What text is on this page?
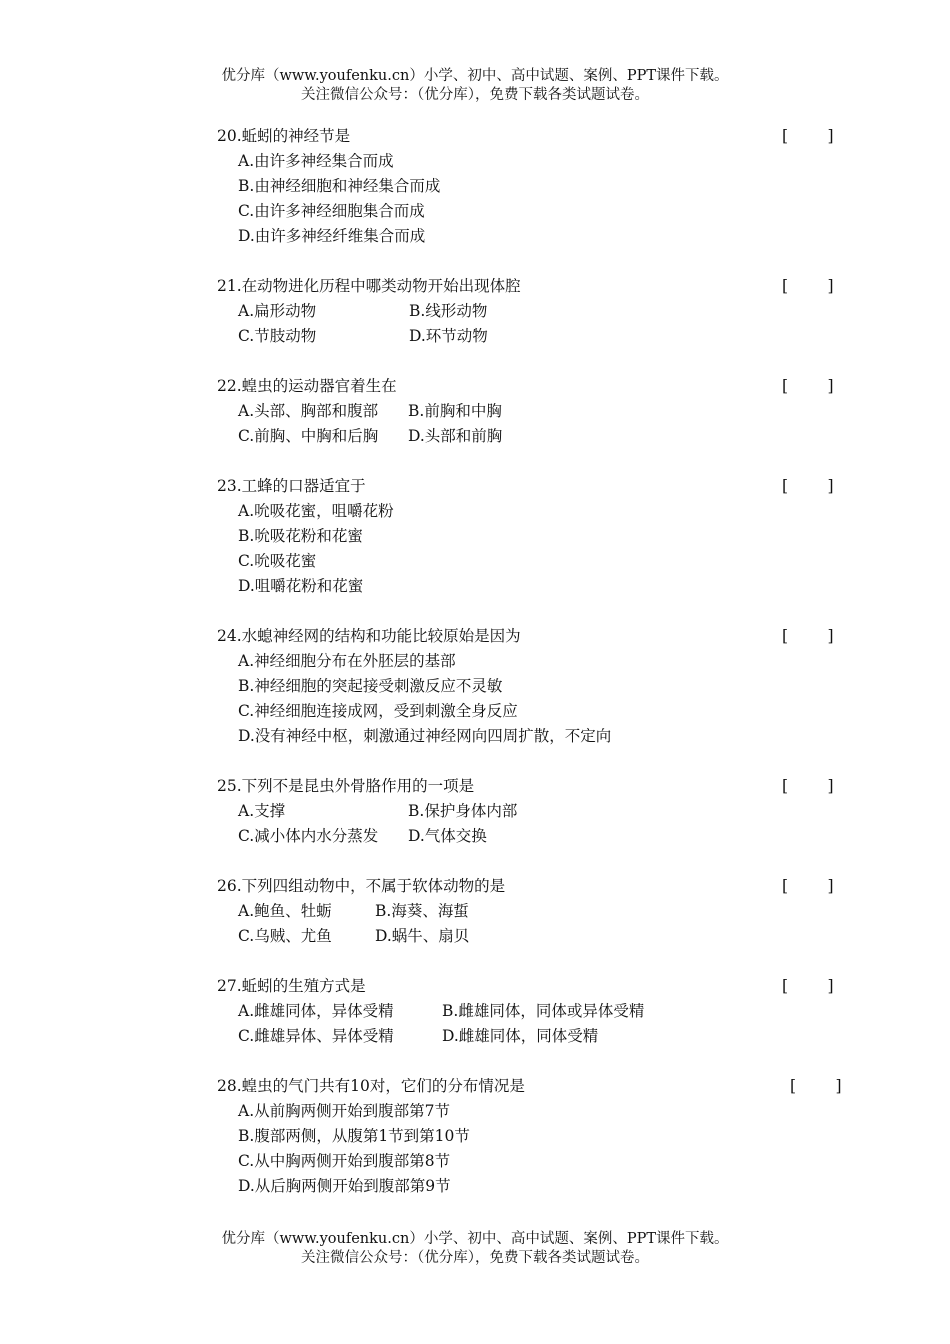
优分库（www.youfenku.cn）小学、初中、高中试题、案例、PPT课件下载。
关注微信公众号：（优分库），免费下载各类试题试卷。
20.蚯蚓的神经节是	[        ]
A.由许多神经集合而成
B.由神经细胞和神经集合而成
C.由许多神经细胞集合而成
D.由许多神经纤维集合而成
21.在动物进化历程中哪类动物开始出现体腔	[        ]
A.扁形动物	B.线形动物
C.节肢动物	D.环节动物
22.蝗虫的运动器官着生在	[        ]
A.头部、胸部和腹部 B.前胸和中胸
C.前胸、中胸和后胸 D.头部和前胸
23.工蜂的口器适宜于	[        ]
A.吮吸花蜜，咀嚼花粉
B.吮吸花粉和花蜜
C.吮吸花蜜
D.咀嚼花粉和花蜜
24.水螅神经网的结构和功能比较原始是因为	[        ]
A.神经细胞分布在外胚层的基部
B.神经细胞的突起接受刺激反应不灵敏
C.神经细胞连接成网，受到刺激全身反应
D.没有神经中枢，刺激通过神经网向四周扩散，不定向
25.下列不是昆虫外骨胳作用的一项是	[        ]
A.支撑	B.保护身体内部
C.减小体内水分蒸发 D.气体交换
26.下列四组动物中，不属于软体动物的是	[        ]
A.鲍鱼、牡蛎	B.海葵、海蜇
C.乌贼、尤鱼	D.蜗牛、扇贝
27.蚯蚓的生殖方式是	[        ]
A.雌雄同体，异体受精	B.雌雄同体，同体或异体受精
C.雌雄异体、异体受精	D.雌雄同体，同体受精
28.蝗虫的气门共有10对，它们的分布情况是	[        ]
A.从前胸两侧开始到腹部第7节
B.腹部两侧，从腹第1节到第10节
C.从中胸两侧开始到腹部第8节
D.从后胸两侧开始到腹部第9节
优分库（www.youfenku.cn）小学、初中、高中试题、案例、PPT课件下载。
关注微信公众号：（优分库），免费下载各类试题试卷。
